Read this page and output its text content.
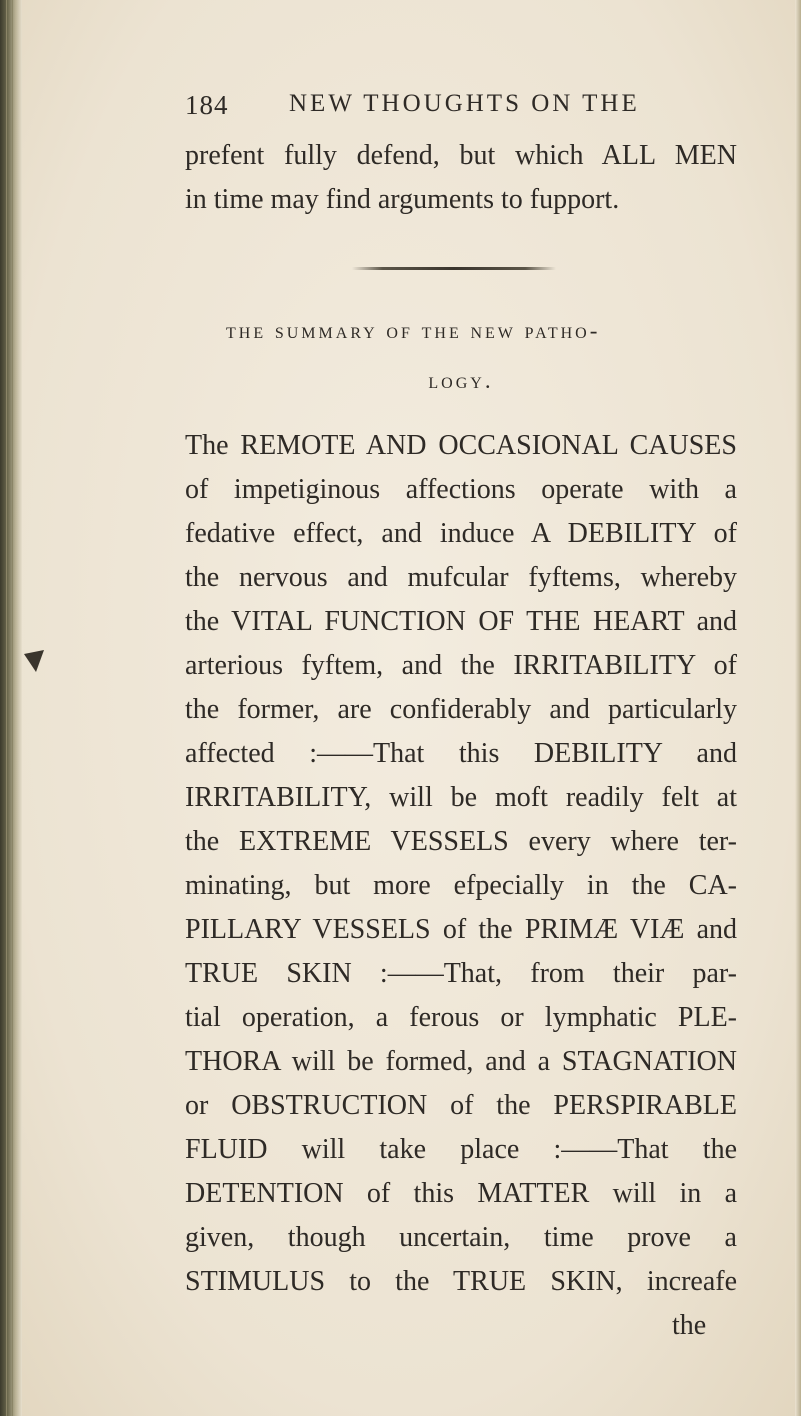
184 NEW THOUGHTS ON THE
prefent fully defend, but which ALL MEN
in time may find arguments to fupport.
the summary of the new patho-
logy.
The REMOTE AND OCCASIONAL CAUSES
of impetiginous affections operate with a
fedative effect, and induce A DEBILITY of
the nervous and mufcular fyftems, whereby
the VITAL FUNCTION OF THE HEART and
arterious fyftem, and the IRRITABILITY of
the former, are confiderably and particularly
affected :——That this DEBILITY and
IRRITABILITY, will be moft readily felt at
the EXTREME VESSELS every where ter-
minating, but more efpecially in the CA-
PILLARY VESSELS of the PRIMÆ VIÆ and
TRUE SKIN :——That, from their par-
tial operation, a ferous or lymphatic PLE-
THORA will be formed, and a STAGNATION
or OBSTRUCTION of the PERSPIRABLE
FLUID will take place :——That the
DETENTION of this MATTER will in a
given, though uncertain, time prove a
STIMULUS to the TRUE SKIN, increafe
the
